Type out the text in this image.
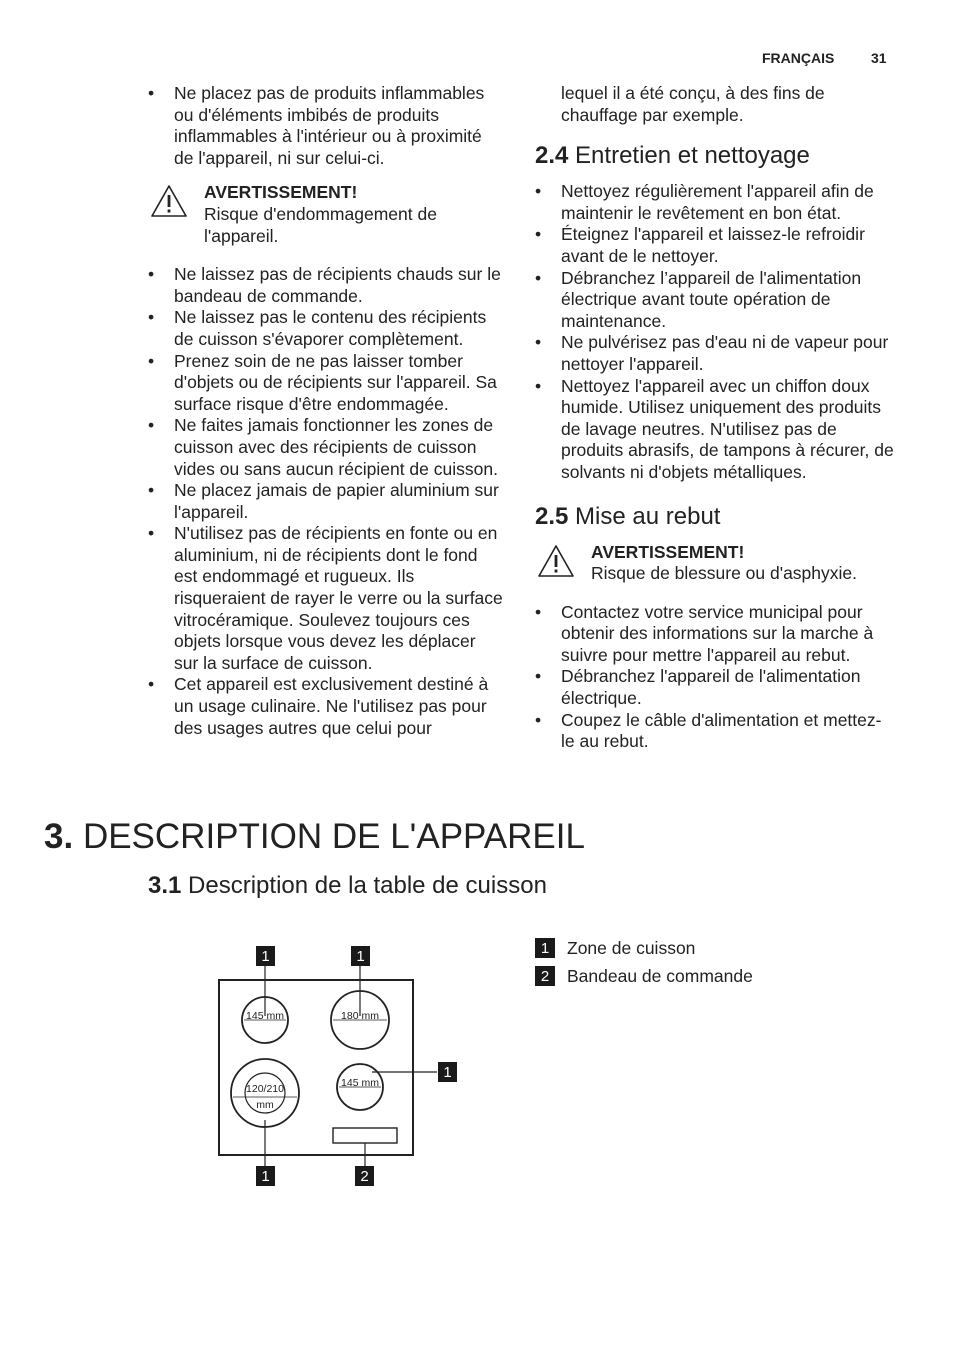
FRANÇAIS	31
• Ne placez pas de produits inflammables ou d'éléments imbibés de produits inflammables à l'intérieur ou à proximité de l'appareil, ni sur celui-ci.
AVERTISSEMENT!
Risque d'endommagement de l'appareil.
• Ne laissez pas de récipients chauds sur le bandeau de commande.
• Ne laissez pas le contenu des récipients de cuisson s'évaporer complètement.
• Prenez soin de ne pas laisser tomber d'objets ou de récipients sur l'appareil. Sa surface risque d'être endommagée.
• Ne faites jamais fonctionner les zones de cuisson avec des récipients de cuisson vides ou sans aucun récipient de cuisson.
• Ne placez jamais de papier aluminium sur l'appareil.
• N'utilisez pas de récipients en fonte ou en aluminium, ni de récipients dont le fond est endommagé et rugueux. Ils risqueraient de rayer le verre ou la surface vitrocéramique. Soulevez toujours ces objets lorsque vous devez les déplacer sur la surface de cuisson.
• Cet appareil est exclusivement destiné à un usage culinaire. Ne l'utilisez pas pour des usages autres que celui pour
lequel il a été conçu, à des fins de chauffage par exemple.
2.4 Entretien et nettoyage
• Nettoyez régulièrement l'appareil afin de maintenir le revêtement en bon état.
• Éteignez l'appareil et laissez-le refroidir avant de le nettoyer.
• Débranchez l’appareil de l'alimentation électrique avant toute opération de maintenance.
• Ne pulvérisez pas d'eau ni de vapeur pour nettoyer l'appareil.
• Nettoyez l'appareil avec un chiffon doux humide. Utilisez uniquement des produits de lavage neutres. N'utilisez pas de produits abrasifs, de tampons à récurer, de solvants ni d'objets métalliques.
2.5 Mise au rebut
AVERTISSEMENT!
Risque de blessure ou d'asphyxie.
• Contactez votre service municipal pour obtenir des informations sur la marche à suivre pour mettre l'appareil au rebut.
• Débranchez l'appareil de l'alimentation électrique.
• Coupez le câble d'alimentation et mettez-le au rebut.
3. DESCRIPTION DE L'APPAREIL
3.1 Description de la table de cuisson
145 mm	180 mm
120/210
mm
145 mm
1	1
1
1	2
1	Zone de cuisson
2	Bandeau de commande
